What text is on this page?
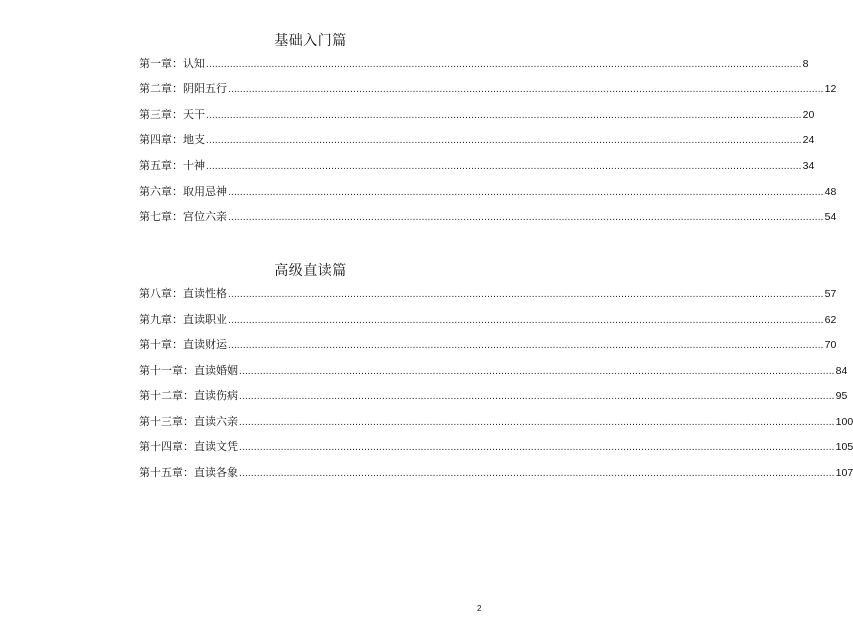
基础入门篇
第一章：认知 ........................................................................................................................................................................................................ 8
第二章：阴阳五行 ........................................................................................................................................................................................................ 12
第三章：天干 ........................................................................................................................................................................................................ 20
第四章：地支 ........................................................................................................................................................................................................ 24
第五章：十神 ........................................................................................................................................................................................................ 34
第六章：取用忌神 ........................................................................................................................................................................................................ 48
第七章：宫位六亲 ........................................................................................................................................................................................................ 54
高级直读篇
第八章：直读性格 ........................................................................................................................................................................................................ 57
第九章：直读职业 ........................................................................................................................................................................................................ 62
第十章：直读财运 ........................................................................................................................................................................................................ 70
第十一章：直读婚姻 ........................................................................................................................................................................................................ 84
第十二章：直读伤病 ........................................................................................................................................................................................................ 95
第十三章：直读六亲 ........................................................................................................................................................................................................ 100
第十四章：直读文凭 ........................................................................................................................................................................................................ 105
第十五章：直读各象 ........................................................................................................................................................................................................ 107
2
